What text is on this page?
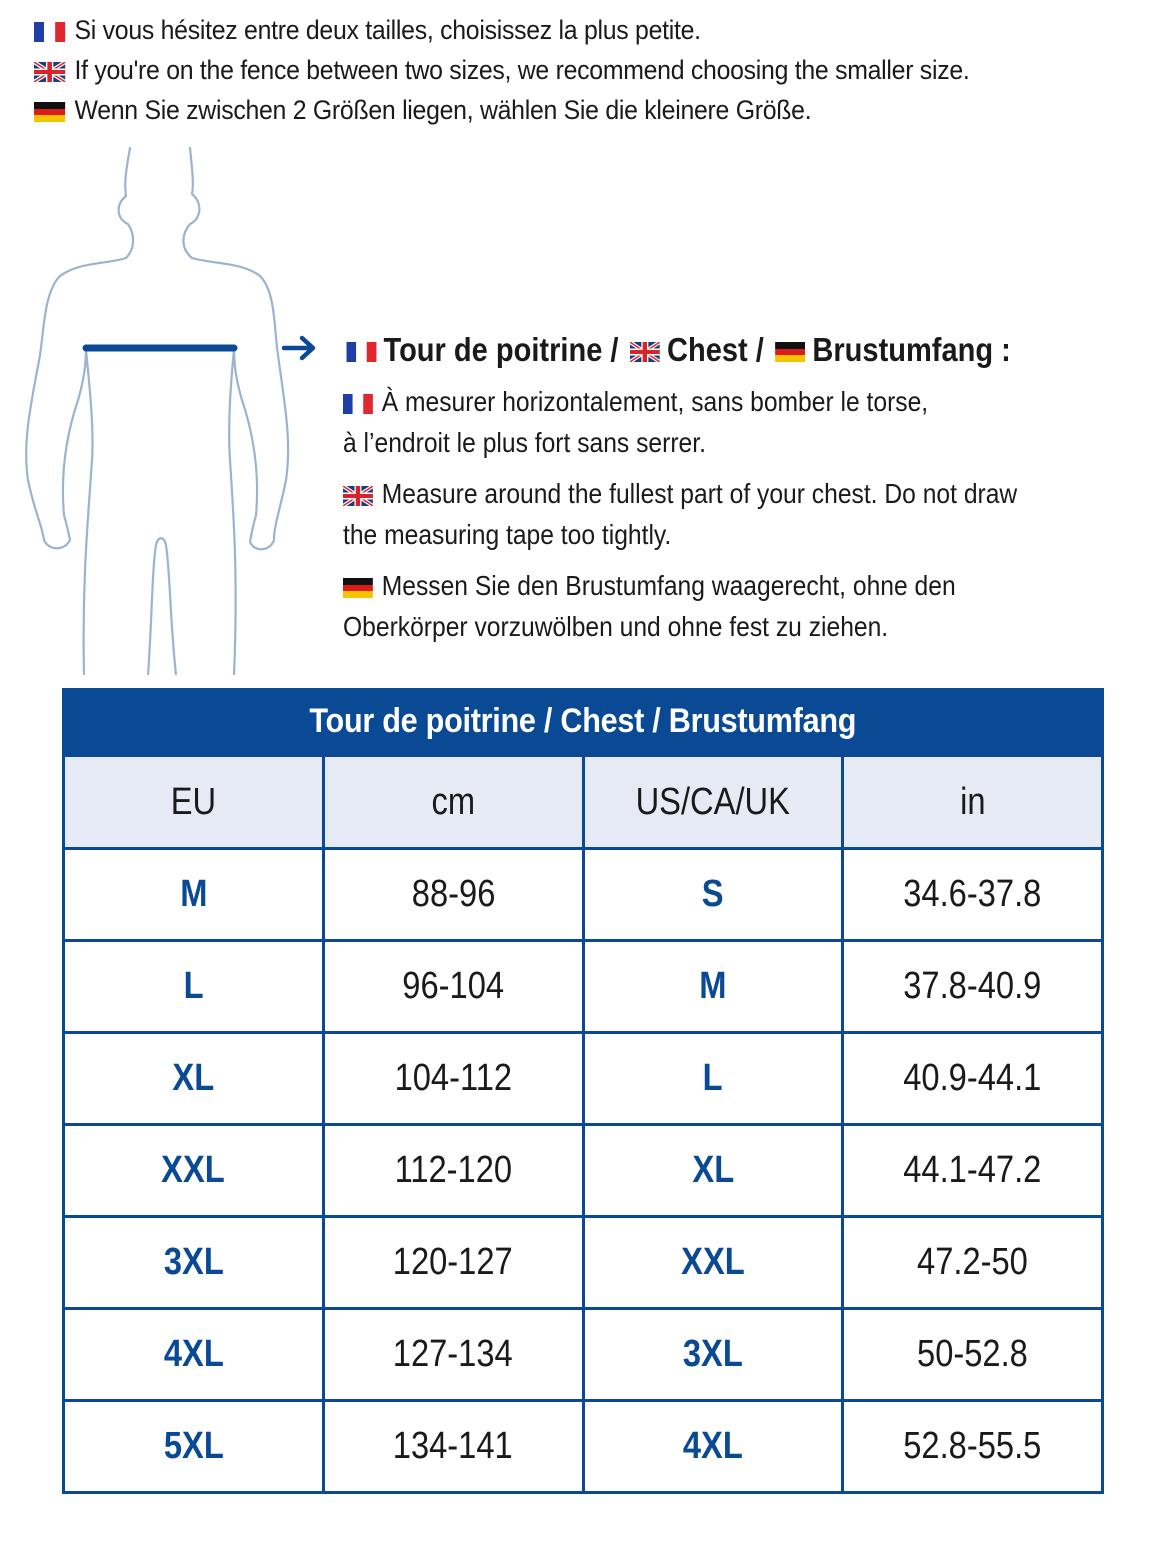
Si vous hésitez entre deux tailles, choisissez la plus petite.
If you're on the fence between two sizes, we recommend choosing the smaller size.
Wenn Sie zwischen 2 Größen liegen, wählen Sie die kleinere Größe.
Tour de poitrine / Chest / Brustumfang :
À mesurer horizontalement, sans bomber le torse,
à l’endroit le plus fort sans serrer.
Measure around the fullest part of your chest. Do not draw
the measuring tape too tightly.
Messen Sie den Brustumfang waagerecht, ohne den
Oberkörper vorzuwölben und ohne fest zu ziehen.
Tour de poitrine / Chest / Brustumfang
EU	cm	US/CA/UK	in
M	88-96	S	34.6-37.8
L	96-104	M	37.8-40.9
XL	104-112	L	40.9-44.1
XXL	112-120	XL	44.1-47.2
3XL	120-127	XXL	47.2-50
4XL	127-134	3XL	50-52.8
5XL	134-141	4XL	52.8-55.5
